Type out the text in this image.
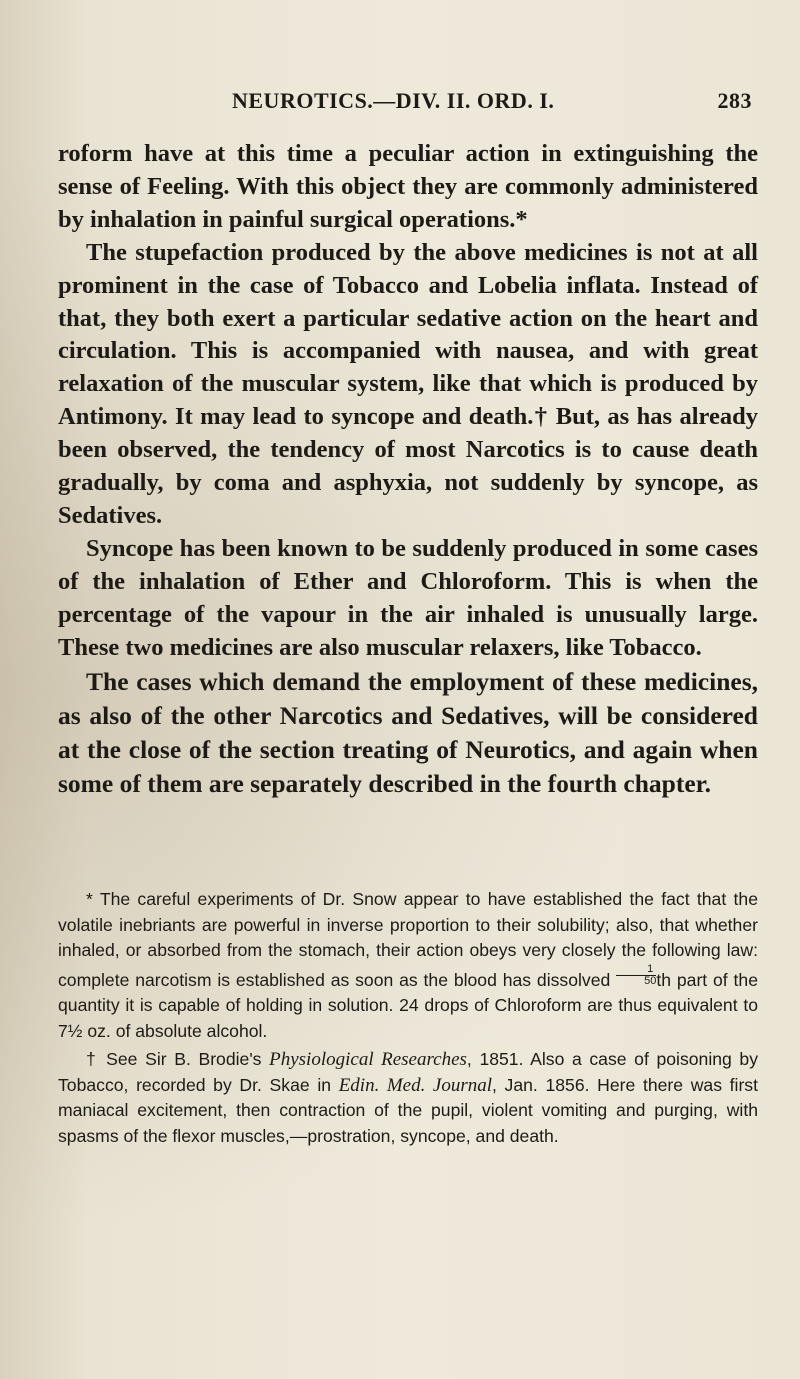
NEUROTICS.—DIV. II. ORD. I.	283

roform have at this time a peculiar action in extinguishing the sense of Feeling. With this object they are commonly administered by inhalation in painful surgical operations.*

The stupefaction produced by the above medicines is not at all prominent in the case of Tobacco and Lobelia inflata. Instead of that, they both exert a particular sedative action on the heart and circulation. This is accompanied with nausea, and with great relaxation of the muscular system, like that which is produced by Antimony. It may lead to syncope and death.† But, as has already been observed, the tendency of most Narcotics is to cause death gradually, by coma and asphyxia, not suddenly by syncope, as Sedatives.

Syncope has been known to be suddenly produced in some cases of the inhalation of Ether and Chloroform. This is when the percentage of the vapour in the air inhaled is unusually large. These two medicines are also muscular relaxers, like Tobacco.

The cases which demand the employment of these medicines, as also of the other Narcotics and Sedatives, will be considered at the close of the section treating of Neurotics, and again when some of them are separately described in the fourth chapter.

* The careful experiments of Dr. Snow appear to have established the fact that the volatile inebriants are powerful in inverse proportion to their solubility; also, that whether inhaled, or absorbed from the stomach, their action obeys very closely the following law: complete narcotism is established as soon as the blood has dissolved $\frac{1}{50}$ th part of the quantity it is capable of holding in solution. 24 drops of Chloroform are thus equivalent to 7½ oz. of absolute alcohol.

† See Sir B. Brodie's Physiological Researches, 1851. Also a case of poisoning by Tobacco, recorded by Dr. Skae in Edin. Med. Journal, Jan. 1856. Here there was first maniacal excitement, then contraction of the pupil, violent vomiting and purging, with spasms of the flexor muscles,—prostration, syncope, and death.
